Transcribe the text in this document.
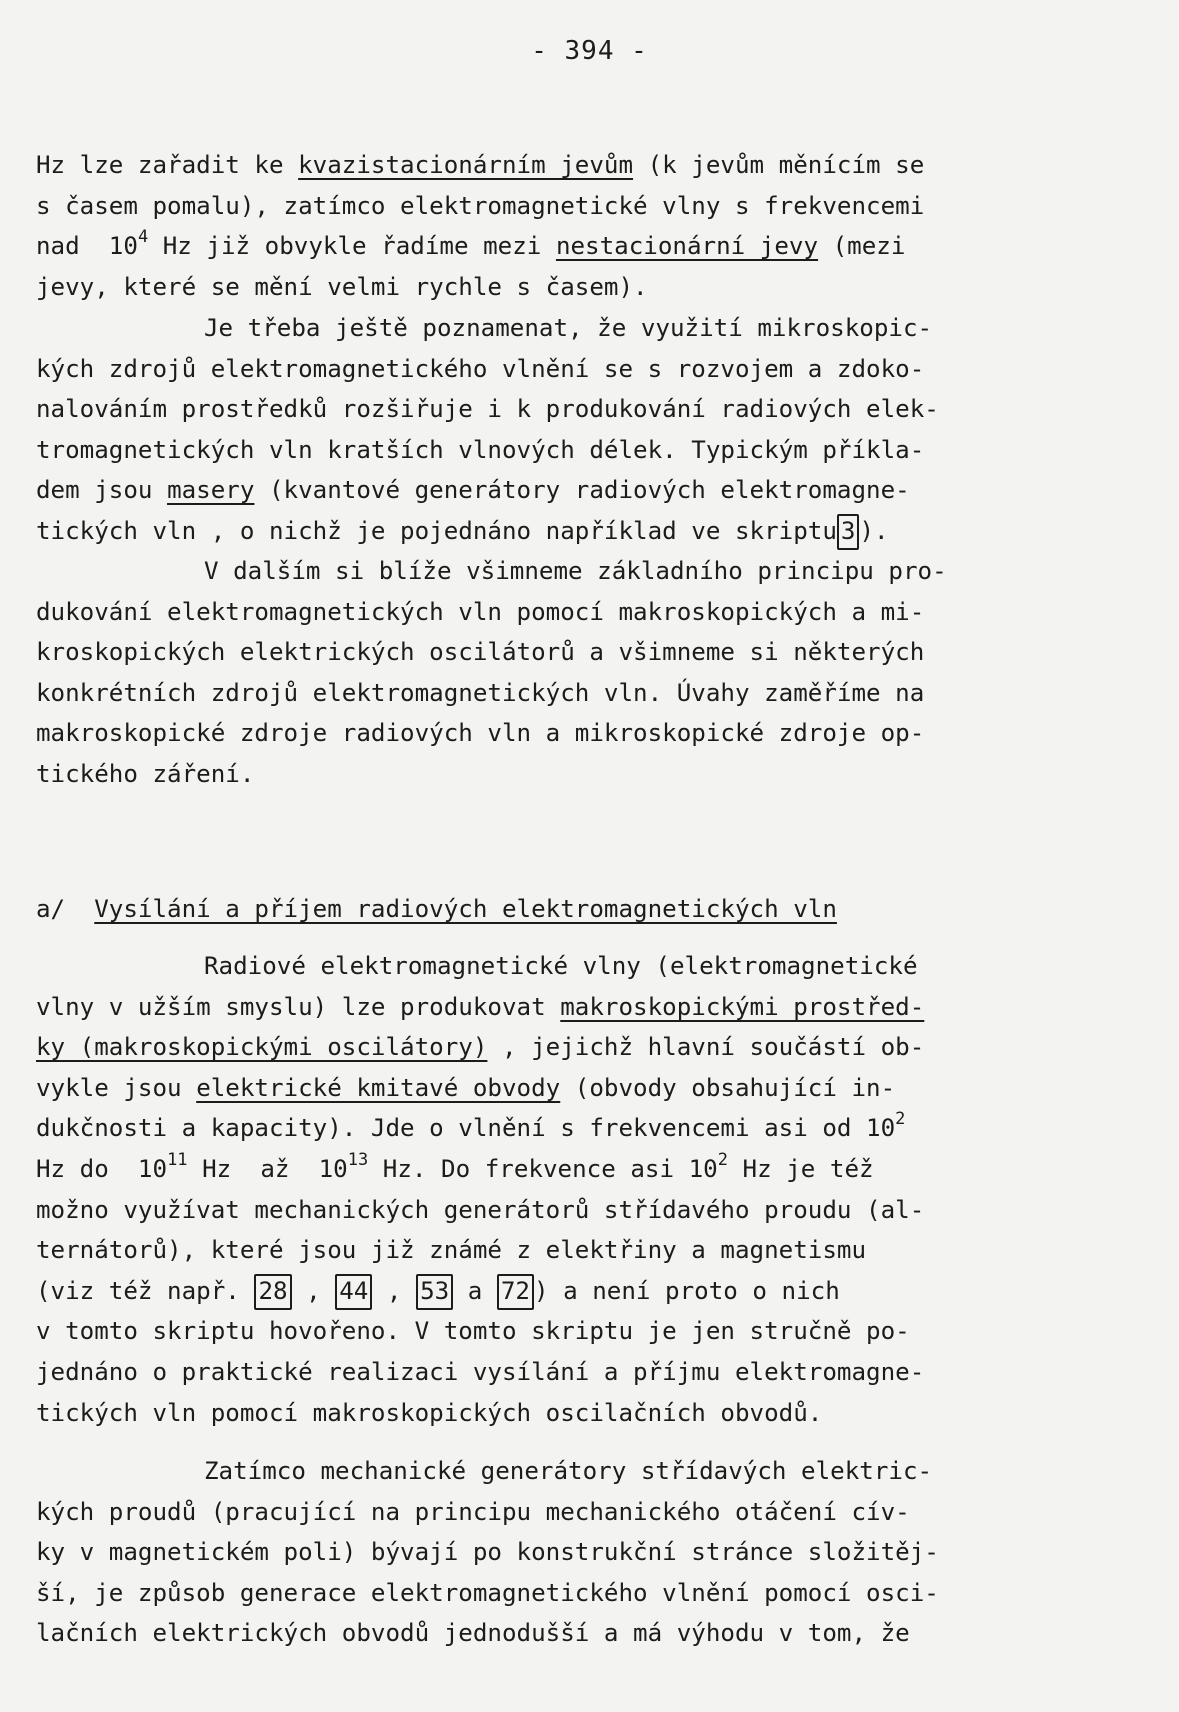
- 394 -
Hz lze zařadit ke kvazistacionárním jevům (k jevům měnícím se
s časem pomalu), zatímco elektromagnetické vlny s frekvencemi
nad  $10^4$ Hz již obvykle řadíme mezi nestacionární jevy (mezi
jevy, které se mění velmi rychle s časem).
Je třeba ještě poznamenat, že využití mikroskopic-
kých zdrojů elektromagnetického vlnění se s rozvojem a zdoko-
nalováním prostředků rozšiřuje i k produkování radiových elek-
tromagnetických vln kratších vlnových délek. Typickým příkla-
dem jsou masery (kvantové generátory radiových elektromagne-
tických vln , o nichž je pojednáno například ve skriptu 3 ).
V dalším si blíže všimneme základního principu pro-
dukování elektromagnetických vln pomocí makroskopických a mi-
kroskopických elektrických oscilátorů a všimneme si některých
konkrétních zdrojů elektromagnetických vln. Úvahy zaměříme na
makroskopické zdroje radiových vln a mikroskopické zdroje op-
tického záření.
a/  Vysílání a příjem radiových elektromagnetických vln
Radiové elektromagnetické vlny (elektromagnetické
vlny v užším smyslu) lze produkovat makroskopickými prostřed-
ky (makroskopickými oscilátory) , jejichž hlavní součástí ob-
vykle jsou elektrické kmitavé obvody (obvody obsahující in-
dukčnosti a kapacity). Jde o vlnění s frekvencemi asi od $10^2$
Hz do  $10^{11}$ Hz  až  $10^{13}$ Hz. Do frekvence asi $10^2$ Hz je též
možno využívat mechanických generátorů střídavého proudu (al-
ternátorů), které jsou již známé z elektřiny a magnetismu
(viz též např. 28 , 44 , 53 a 72 ) a není proto o nich
v tomto skriptu hovořeno. V tomto skriptu je jen stručně po-
jednáno o praktické realizaci vysílání a příjmu elektromagne-
tických vln pomocí makroskopických oscilačních obvodů.
Zatímco mechanické generátory střídavých elektric-
kých proudů (pracující na principu mechanického otáčení cív-
ky v magnetickém poli) bývají po konstrukční stránce složitěj-
ší, je způsob generace elektromagnetického vlnění pomocí osci-
lačních elektrických obvodů jednodušší a má výhodu v tom, že
